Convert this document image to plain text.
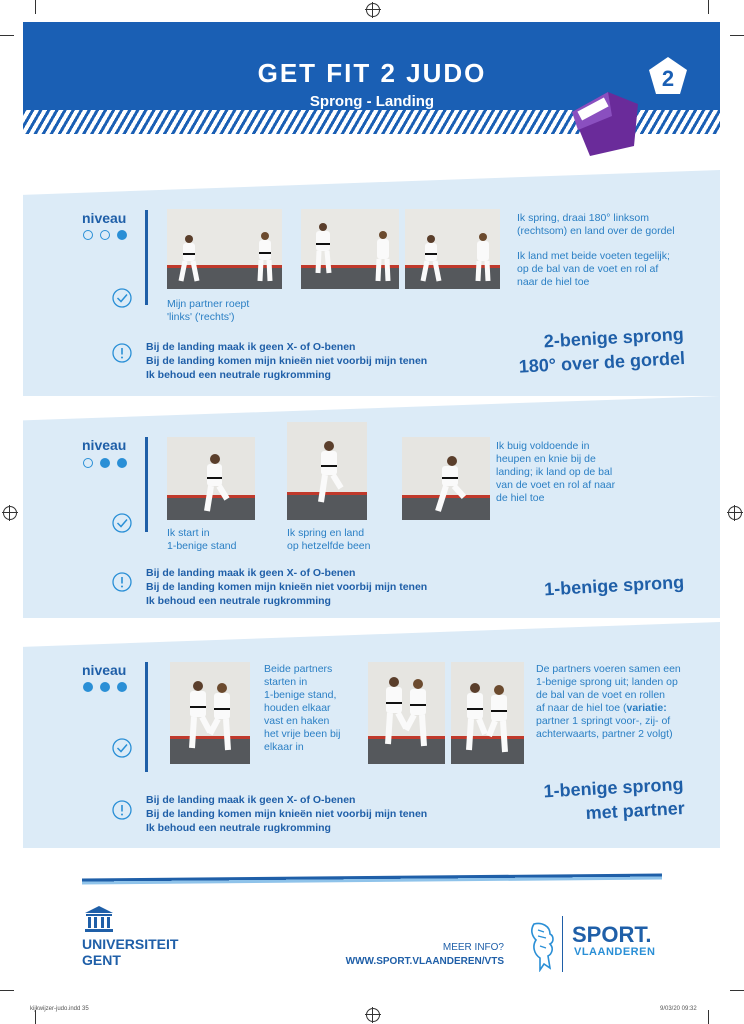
GET FIT 2 JUDO
Sprong - Landing
2
niveau
Mijn partner roept
'links' ('rechts')
Ik spring, draai 180° linksom
(rechtsom) en land over de gordel
Ik land met beide voeten tegelijk;
op de bal van de voet en rol af
naar de hiel toe
Bij de landing maak ik geen X- of O-benen
Bij de landing komen mijn knieën niet voorbij mijn tenen
Ik behoud een neutrale rugkromming
2-benige sprong
180° over de gordel
niveau
Ik start in
1-benige stand
Ik spring en land
op hetzelfde been
Ik buig voldoende in
heupen en knie bij de
landing; ik land op de bal
van de voet en rol af naar
de hiel toe
Bij de landing maak ik geen X- of O-benen
Bij de landing komen mijn knieën niet voorbij mijn tenen
Ik behoud een neutrale rugkromming
1-benige sprong
niveau	Beide partners
starten in
1-benige stand,
houden elkaar
vast en haken
het vrije been bij
elkaar in
De partners voeren samen een
1-benige sprong uit; landen op
de bal van de voet en rollen
af naar de hiel toe (variatie:
partner 1 springt voor-, zij- of
achterwaarts, partner 2 volgt)
Bij de landing maak ik geen X- of O-benen
Bij de landing komen mijn knieën niet voorbij mijn tenen
Ik behoud een neutrale rugkromming
1-benige sprong
met partner
UNIVERSITEIT
GENT
MEER INFO?
WWW.SPORT.VLAANDEREN/VTS
SPORT.
VLAANDEREN
kijkwijzer-judo.indd 35	9/03/20 09:32
